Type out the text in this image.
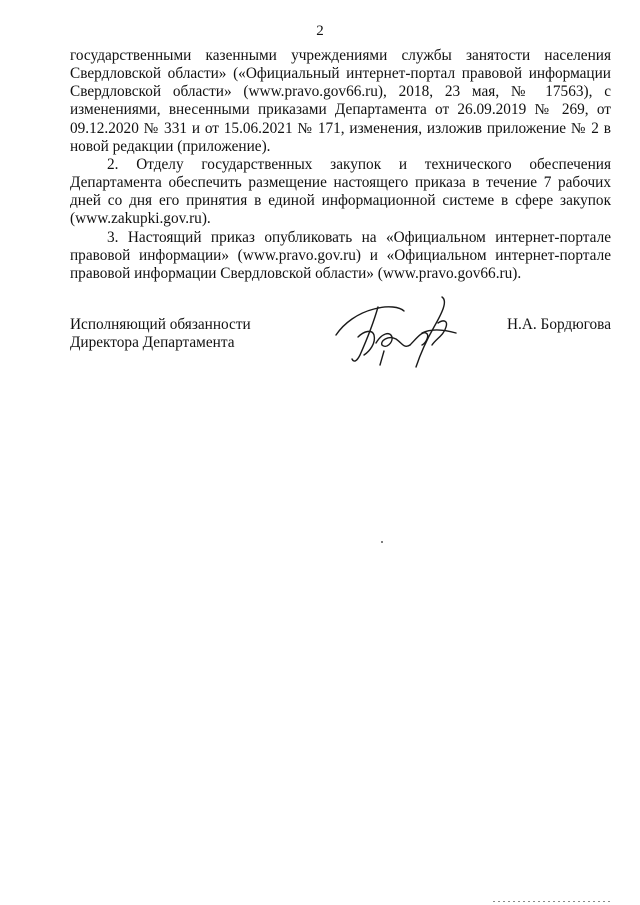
2

государственными казенными учреждениями службы занятости населения Свердловской области» («Официальный интернет-портал правовой информации Свердловской области» (www.pravo.gov66.ru), 2018, 23 мая, № 17563), с изменениями, внесенными приказами Департамента от 26.09.2019 № 269, от 09.12.2020 № 331 и от 15.06.2021 № 171, изменения, изложив приложение № 2 в новой редакции (приложение).

2. Отделу государственных закупок и технического обеспечения Департамента обеспечить размещение настоящего приказа в течение 7 рабочих дней со дня его принятия в единой информационной системе в сфере закупок (www.zakupki.gov.ru).

3. Настоящий приказ опубликовать на «Официальном интернет-портале правовой информации» (www.pravo.gov.ru) и «Официальном интернет-портале правовой информации Свердловской области» (www.pravo.gov66.ru).

Исполняющий обязанности
Директора Департамента
Н.А. Бордюгова
